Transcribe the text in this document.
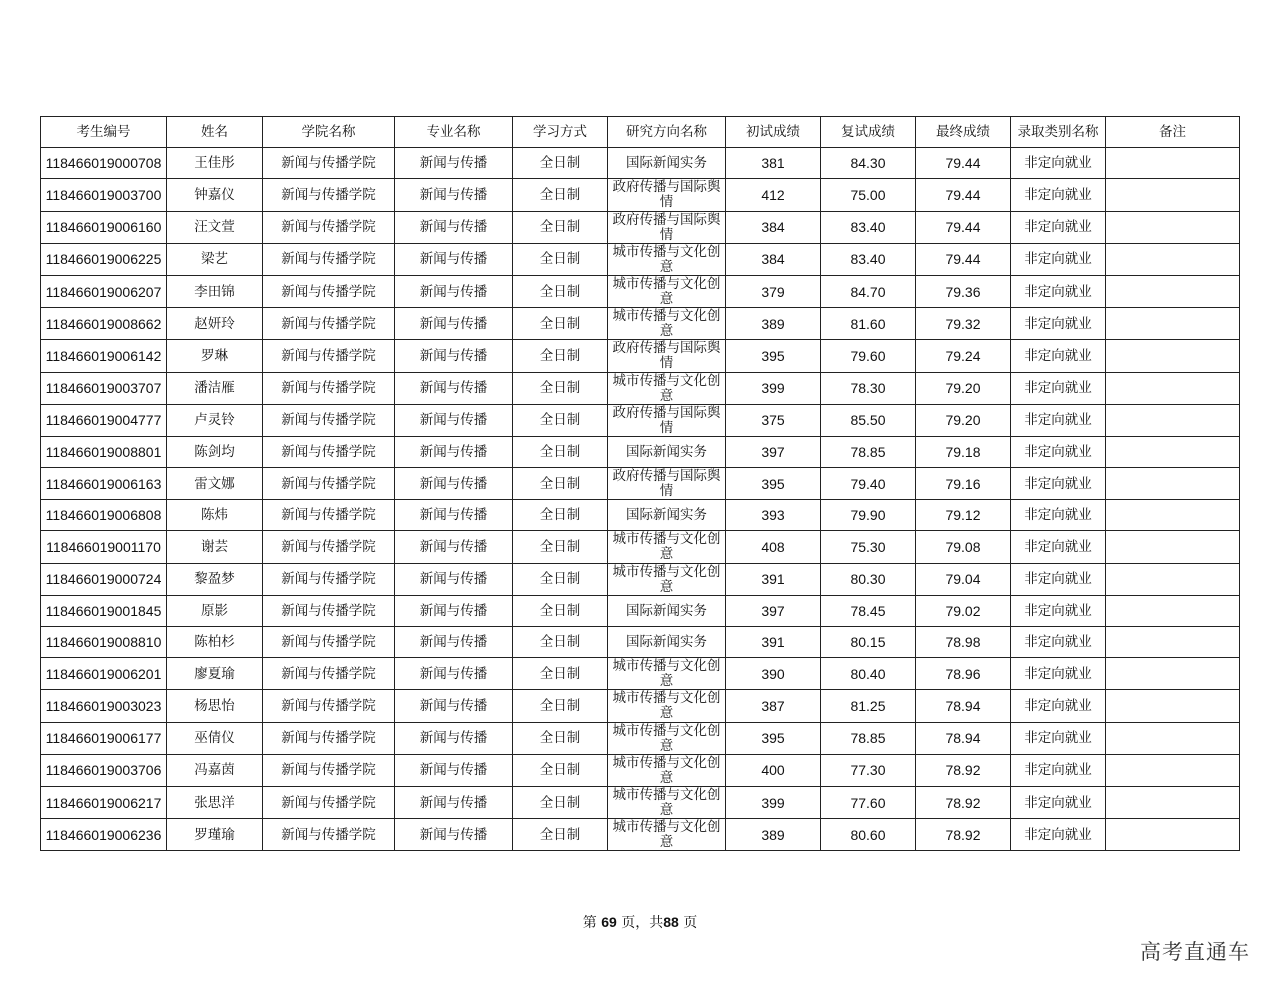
考生编号	姓名	学院名称	专业名称	学习方式	研究方向名称	初试成绩	复试成绩	最终成绩	录取类别名称	备注
118466019000708	王佳彤	新闻与传播学院	新闻与传播	全日制	国际新闻实务	381	84.30	79.44	非定向就业	
118466019003700	钟嘉仪	新闻与传播学院	新闻与传播	全日制	政府传播与国际舆情	412	75.00	79.44	非定向就业	
118466019006160	汪文萱	新闻与传播学院	新闻与传播	全日制	政府传播与国际舆情	384	83.40	79.44	非定向就业	
118466019006225	梁艺	新闻与传播学院	新闻与传播	全日制	城市传播与文化创意	384	83.40	79.44	非定向就业	
118466019006207	李田锦	新闻与传播学院	新闻与传播	全日制	城市传播与文化创意	379	84.70	79.36	非定向就业	
118466019008662	赵妍玲	新闻与传播学院	新闻与传播	全日制	城市传播与文化创意	389	81.60	79.32	非定向就业	
118466019006142	罗琳	新闻与传播学院	新闻与传播	全日制	政府传播与国际舆情	395	79.60	79.24	非定向就业	
118466019003707	潘洁雁	新闻与传播学院	新闻与传播	全日制	城市传播与文化创意	399	78.30	79.20	非定向就业	
118466019004777	卢灵铃	新闻与传播学院	新闻与传播	全日制	政府传播与国际舆情	375	85.50	79.20	非定向就业	
118466019008801	陈剑均	新闻与传播学院	新闻与传播	全日制	国际新闻实务	397	78.85	79.18	非定向就业	
118466019006163	雷文娜	新闻与传播学院	新闻与传播	全日制	政府传播与国际舆情	395	79.40	79.16	非定向就业	
118466019006808	陈炜	新闻与传播学院	新闻与传播	全日制	国际新闻实务	393	79.90	79.12	非定向就业	
118466019001170	谢芸	新闻与传播学院	新闻与传播	全日制	城市传播与文化创意	408	75.30	79.08	非定向就业	
118466019000724	黎盈梦	新闻与传播学院	新闻与传播	全日制	城市传播与文化创意	391	80.30	79.04	非定向就业	
118466019001845	原影	新闻与传播学院	新闻与传播	全日制	国际新闻实务	397	78.45	79.02	非定向就业	
118466019008810	陈柏杉	新闻与传播学院	新闻与传播	全日制	国际新闻实务	391	80.15	78.98	非定向就业	
118466019006201	廖夏瑜	新闻与传播学院	新闻与传播	全日制	城市传播与文化创意	390	80.40	78.96	非定向就业	
118466019003023	杨思怡	新闻与传播学院	新闻与传播	全日制	城市传播与文化创意	387	81.25	78.94	非定向就业	
118466019006177	巫倩仪	新闻与传播学院	新闻与传播	全日制	城市传播与文化创意	395	78.85	78.94	非定向就业	
118466019003706	冯嘉茵	新闻与传播学院	新闻与传播	全日制	城市传播与文化创意	400	77.30	78.92	非定向就业	
118466019006217	张思洋	新闻与传播学院	新闻与传播	全日制	城市传播与文化创意	399	77.60	78.92	非定向就业	
118466019006236	罗瑾瑜	新闻与传播学院	新闻与传播	全日制	城市传播与文化创意	389	80.60	78.92	非定向就业	
第 69 页，共88 页
高考直通车
